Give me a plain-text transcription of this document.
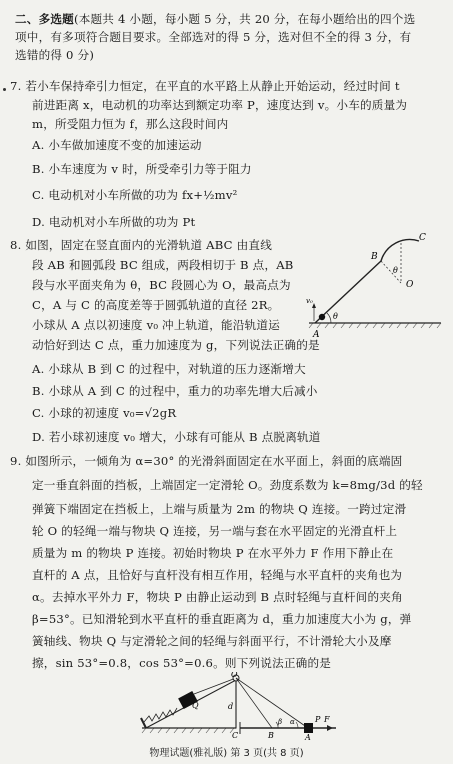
二、多选题(本题共 4 小题，每小题 5 分，共 20 分，在每小题给出的四个选
项中，有多项符合题目要求。全部选对的得 5 分，选对但不全的得 3 分，有
选错的得 0 分)
7. 若小车保持牵引力恒定，在平直的水平路上从静止开始运动，经过时间 t
前进距离 x，电动机的功率达到额定功率 P，速度达到 v。小车的质量为
m，所受阻力恒为 f，那么这段时间内
A. 小车做加速度不变的加速运动
B. 小车速度为 v 时，所受牵引力等于阻力
C. 电动机对小车所做的功为 fx+½mv²
D. 电动机对小车所做的功为 Pt
8. 如图，固定在竖直面内的光滑轨道 ABC 由直线
段 AB 和圆弧段 BC 组成，两段相切于 B 点，AB
段与水平面夹角为 θ，BC 段圆心为 O，最高点为
C，A 与 C 的高度差等于圆弧轨道的直径 2R。
小球从 A 点以初速度 v₀ 冲上轨道，能沿轨道运
动恰好到达 C 点，重力加速度为 g，下列说法正确的是
A. 小球从 B 到 C 的过程中，对轨道的压力逐渐增大
B. 小球从 A 到 C 的过程中，重力的功率先增大后减小
C. 小球的初速度 v₀=√2gR
D. 若小球初速度 v₀ 增大，小球有可能从 B 点脱离轨道
C
B
θ
O
v₀
θ
A
9. 如图所示，一倾角为 α=30° 的光滑斜面固定在水平面上，斜面的底端固
定一垂直斜面的挡板，上端固定一定滑轮 O。劲度系数为 k=8mg/3d 的轻
弹簧下端固定在挡板上，上端与质量为 2m 的物块 Q 连接。一跨过定滑
轮 O 的轻绳一端与物块 Q 连接，另一端与套在水平固定的光滑直杆上
质量为 m 的物块 P 连接。初始时物块 P 在水平外力 F 作用下静止在
直杆的 A 点，且恰好与直杆没有相互作用，轻绳与水平直杆的夹角也为
α。去掉水平外力 F，物块 P 由静止运动到 B 点时轻绳与直杆间的夹角
β=53°。已知滑轮到水平直杆的垂直距离为 d，重力加速度大小为 g，弹
簧轴线、物块 Q 与定滑轮之间的轻绳与斜面平行，不计滑轮大小及摩
擦，sin 53°=0.8，cos 53°=0.6。则下列说法正确的是
O
d
Q
C	B
β α
A
P F
物理试题(雅礼版) 第 3 页(共 8 页)
